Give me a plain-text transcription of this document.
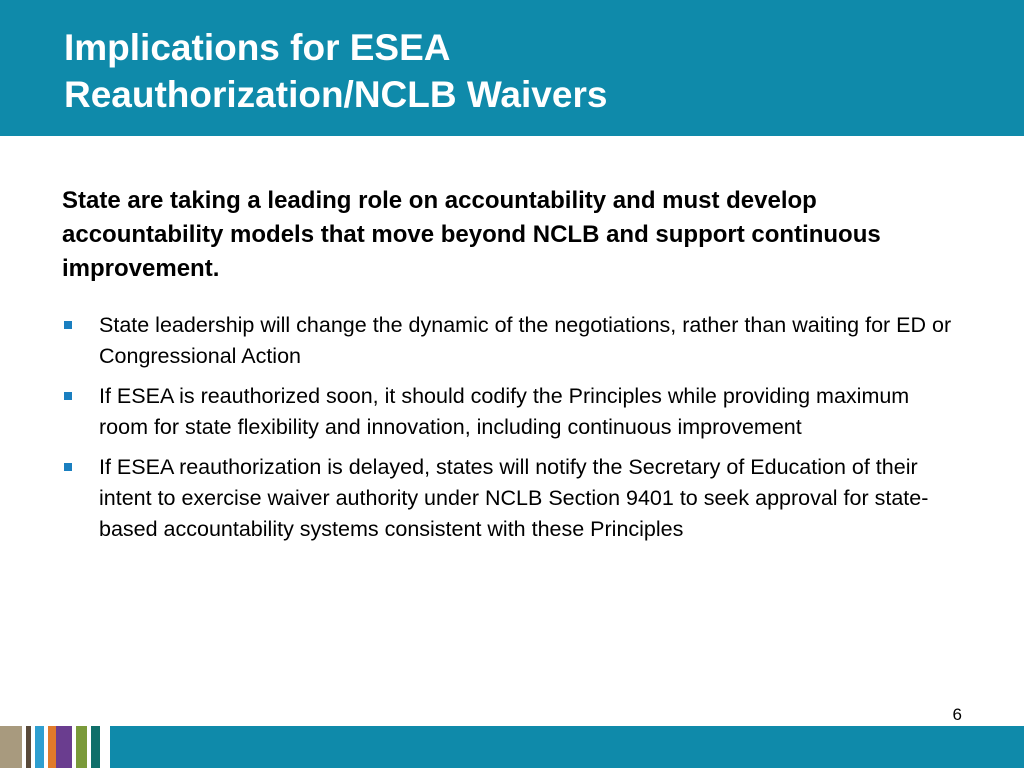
Implications for ESEA
Reauthorization/NCLB Waivers

State are taking a leading role on accountability and must develop accountability models that move beyond NCLB and support continuous improvement.

State leadership will change the dynamic of the negotiations, rather than waiting for ED or Congressional Action
If ESEA is reauthorized soon, it should codify the Principles while providing maximum room for state flexibility and innovation, including continuous improvement
If ESEA reauthorization is delayed, states will notify the Secretary of Education of their intent to exercise waiver authority under NCLB Section 9401 to seek approval for state-based accountability systems consistent with these Principles
6
